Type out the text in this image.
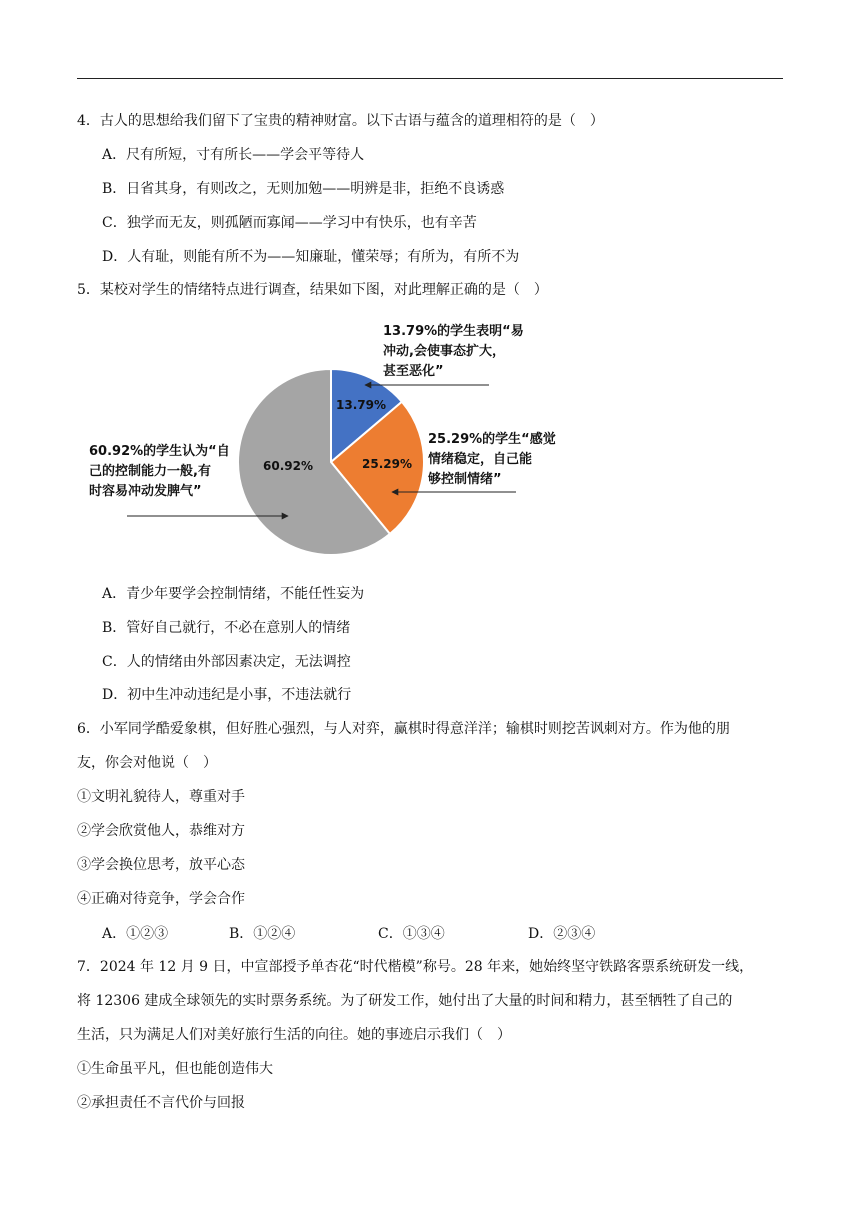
4．古人的思想给我们留下了宝贵的精神财富。以下古语与蕴含的道理相符的是（　）
A．尺有所短，寸有所长——学会平等待人
B．日省其身，有则改之，无则加勉——明辨是非，拒绝不良诱惑
C．独学而无友，则孤陋而寡闻——学习中有快乐，也有辛苦
D．人有耻，则能有所不为——知廉耻，懂荣辱；有所为，有所不为
5．某校对学生的情绪特点进行调查，结果如下图，对此理解正确的是（　）
13.79%
25.29%
60.92%
13.79%的学生表明“易
冲动,会使事态扩大，
甚至恶化”
25.29%的学生“感觉
情绪稳定，自己能
够控制情绪”
60.92%的学生认为“自
己的控制能力一般,有
时容易冲动发脾气”
A．青少年要学会控制情绪，不能任性妄为
B．管好自己就行，不必在意别人的情绪
C．人的情绪由外部因素决定，无法调控
D．初中生冲动违纪是小事，不违法就行
6．小军同学酷爱象棋，但好胜心强烈，与人对弈，赢棋时得意洋洋；输棋时则挖苦讽刺对方。作为他的朋
友，你会对他说（　）
①文明礼貌待人，尊重对手
②学会欣赏他人，恭维对方
③学会换位思考，放平心态
④正确对待竞争，学会合作
A．①②③	B．①②④	C．①③④	D．②③④
7．2024 年 12 月 9 日，中宣部授予单杏花“时代楷模”称号。28 年来，她始终坚守铁路客票系统研发一线，
将 12306 建成全球领先的实时票务系统。为了研发工作，她付出了大量的时间和精力，甚至牺牲了自己的
生活，只为满足人们对美好旅行生活的向往。她的事迹启示我们（　）
①生命虽平凡，但也能创造伟大
②承担责任不言代价与回报
